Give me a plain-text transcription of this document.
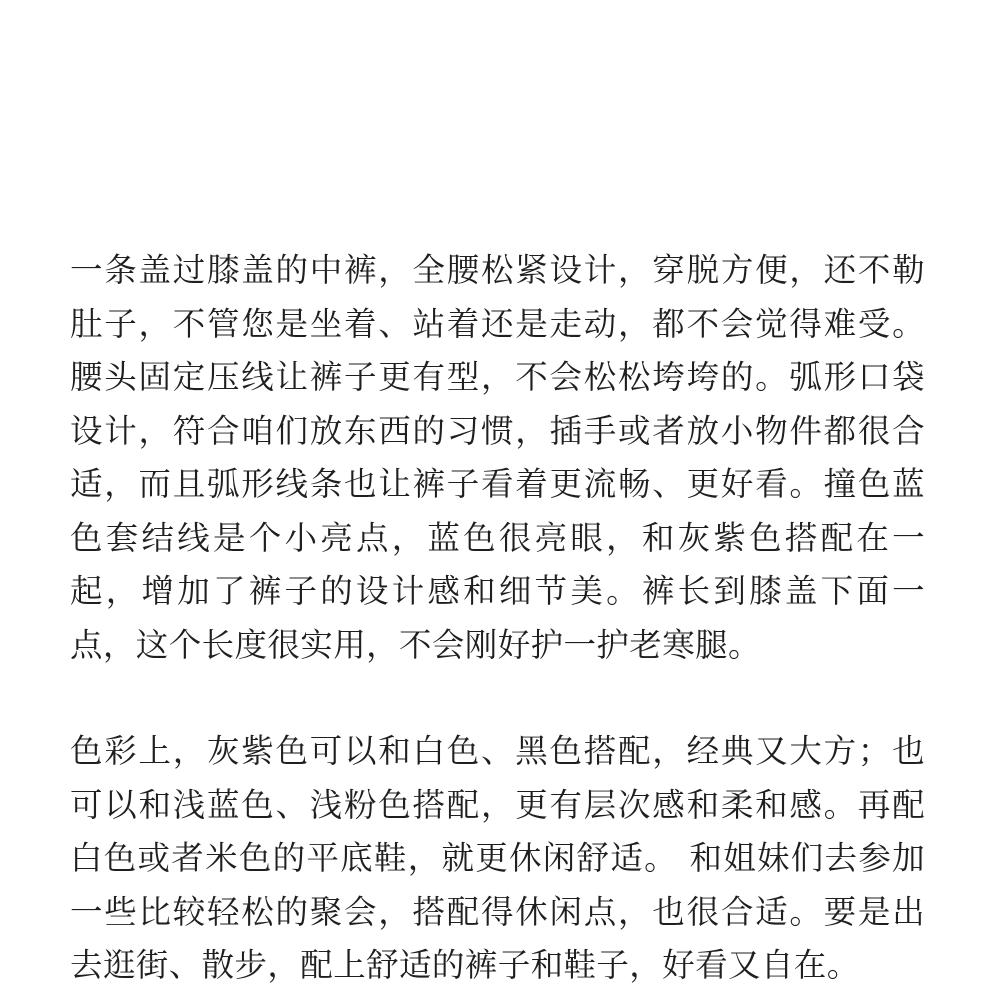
一条盖过膝盖的中裤，全腰松紧设计，穿脱方便，还不勒肚子，不管您是坐着、站着还是走动，都不会觉得难受。腰头固定压线让裤子更有型，不会松松垮垮的。弧形口袋设计，符合咱们放东西的习惯，插手或者放小物件都很合适，而且弧形线条也让裤子看着更流畅、更好看。撞色蓝色套结线是个小亮点，蓝色很亮眼，和灰紫色搭配在一起，增加了裤子的设计感和细节美。裤长到膝盖下面一点，这个长度很实用，不会刚好护一护老寒腿。

色彩上，灰紫色可以和白色、黑色搭配，经典又大方；也可以和浅蓝色、浅粉色搭配，更有层次感和柔和感。再配白色或者米色的平底鞋，就更休闲舒适。 和姐妹们去参加一些比较轻松的聚会，搭配得休闲点，也很合适。要是出去逛街、散步，配上舒适的裤子和鞋子，好看又自在。
